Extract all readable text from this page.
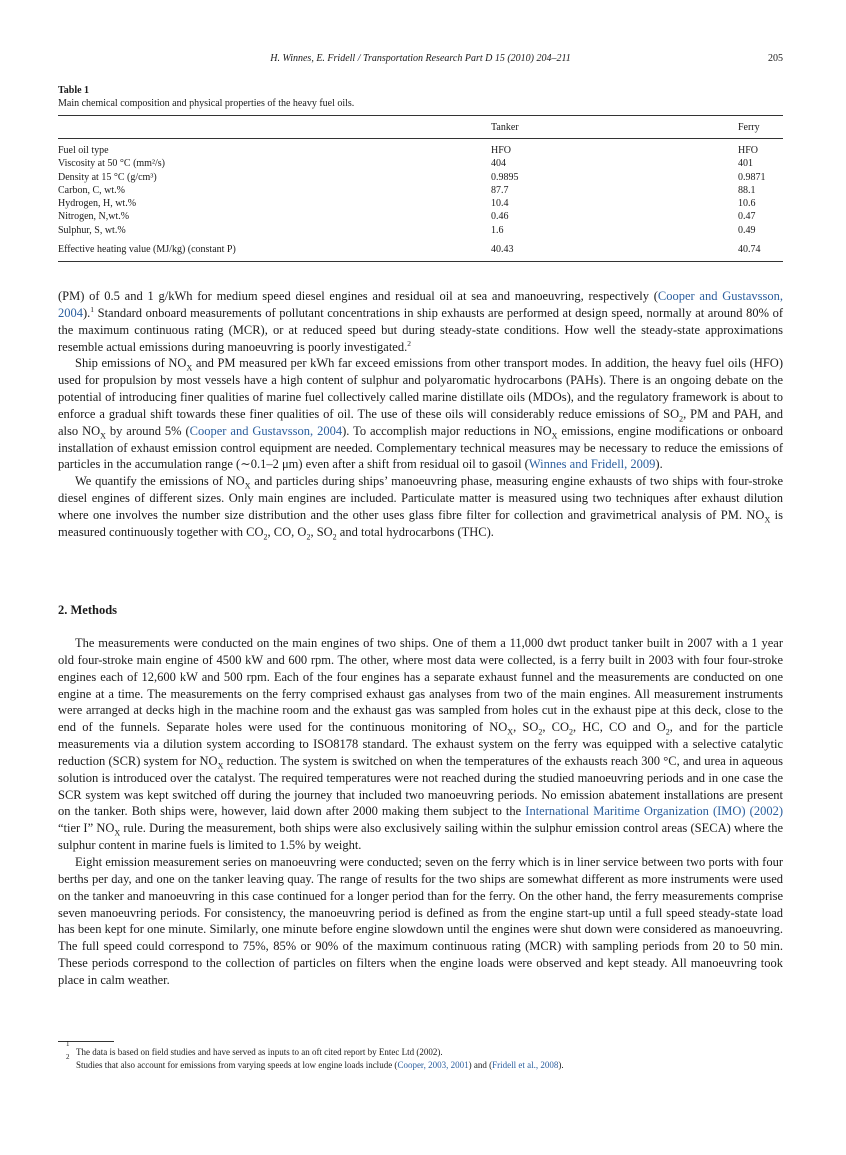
H. Winnes, E. Fridell / Transportation Research Part D 15 (2010) 204–211	205
Table 1
Main chemical composition and physical properties of the heavy fuel oils.
	Tanker	Ferry
Fuel oil type	HFO	HFO
Viscosity at 50 °C (mm²/s)	404	401
Density at 15 °C (g/cm³)	0.9895	0.9871
Carbon, C, wt.%	87.7	88.1
Hydrogen, H, wt.%	10.4	10.6
Nitrogen, N,wt.%	0.46	0.47
Sulphur, S, wt.%	1.6	0.49
Effective heating value (MJ/kg) (constant P)	40.43	40.74

(PM) of 0.5 and 1 g/kWh for medium speed diesel engines and residual oil at sea and manoeuvring, respectively (Cooper and Gustavsson, 2004).$^1$ Standard onboard measurements of pollutant concentrations in ship exhausts are performed at design speed, normally at around 80% of the maximum continuous rating (MCR), or at reduced speed but during steady-state conditions. How well the steady-state approximations resemble actual emissions during manoeuvring is poorly investigated.$^2$

Ship emissions of $NO_X$ and PM measured per kWh far exceed emissions from other transport modes. In addition, the heavy fuel oils (HFO) used for propulsion by most vessels have a high content of sulphur and polyaromatic hydrocarbons (PAHs). There is an ongoing debate on the potential of introducing finer qualities of marine fuel collectively called marine distillate oils (MDOs), and the regulatory framework is about to enforce a gradual shift towards these finer qualities of oil. The use of these oils will considerably reduce emissions of $SO_2$, PM and PAH, and also $NO_X$ by around 5% (Cooper and Gustavsson, 2004). To accomplish major reductions in $NO_X$ emissions, engine modifications or onboard installation of exhaust emission control equipment are needed. Complementary technical measures may be necessary to reduce the emissions of particles in the accumulation range (∼0.1–2 μm) even after a shift from residual oil to gasoil (Winnes and Fridell, 2009).

We quantify the emissions of $NO_X$ and particles during ships’ manoeuvring phase, measuring engine exhausts of two ships with four-stroke diesel engines of different sizes. Only main engines are included. Particulate matter is measured using two techniques after exhaust dilution where one involves the number size distribution and the other uses glass fibre filter for collection and gravimetrical analysis of PM. $NO_X$ is measured continuously together with $CO_2$, CO, $O_2$, $SO_2$ and total hydrocarbons (THC).

2. Methods

The measurements were conducted on the main engines of two ships. One of them a 11,000 dwt product tanker built in 2007 with a 1 year old four-stroke main engine of 4500 kW and 600 rpm. The other, where most data were collected, is a ferry built in 2003 with four four-stroke engines each of 12,600 kW and 500 rpm. Each of the four engines has a separate exhaust funnel and the measurements are conducted on one engine at a time. The measurements on the ferry comprised exhaust gas analyses from two of the main engines. All measurement instruments were arranged at decks high in the machine room and the exhaust gas was sampled from holes cut in the exhaust pipe at this deck, close to the end of the funnels. Separate holes were used for the continuous monitoring of $NO_X$, $SO_2$, $CO_2$, HC, CO and $O_2$, and for the particle measurements via a dilution system according to ISO8178 standard. The exhaust system on the ferry was equipped with a selective catalytic reduction (SCR) system for $NO_X$ reduction. The system is switched on when the temperatures of the exhausts reach 300 °C, and urea in aqueous solution is introduced over the catalyst. The required temperatures were not reached during the studied manoeuvring periods and in one case the SCR system was kept switched off during the journey that included two manoeuvring periods. No emission abatement installations are present on the tanker. Both ships were, however, laid down after 2000 making them subject to the International Maritime Organization (IMO) (2002) “tier I” $NO_X$ rule. During the measurement, both ships were also exclusively sailing within the sulphur emission control areas (SECA) where the sulphur content in marine fuels is limited to 1.5% by weight.

Eight emission measurement series on manoeuvring were conducted; seven on the ferry which is in liner service between two ports with four berths per day, and one on the tanker leaving quay. The range of results for the two ships are somewhat different as more instruments were used on the tanker and manoeuvring in this case continued for a longer period than for the ferry. On the other hand, the ferry measurements comprise seven manoeuvring periods. For consistency, the manoeuvring period is defined as from the engine start-up until a full speed steady-state load has been kept for one minute. Similarly, one minute before engine slowdown until the engines were shut down were considered as manoeuvring. The full speed could correspond to 75%, 85% or 90% of the maximum continuous rating (MCR) with sampling periods from 20 to 50 min. These periods correspond to the collection of particles on filters when the engine loads were observed and kept steady. All manoeuvring took place in calm weather.

1
The data is based on field studies and have served as inputs to an oft cited report by Entec Ltd (2002).
2
Studies that also account for emissions from varying speeds at low engine loads include (Cooper, 2003, 2001) and (Fridell et al., 2008).
